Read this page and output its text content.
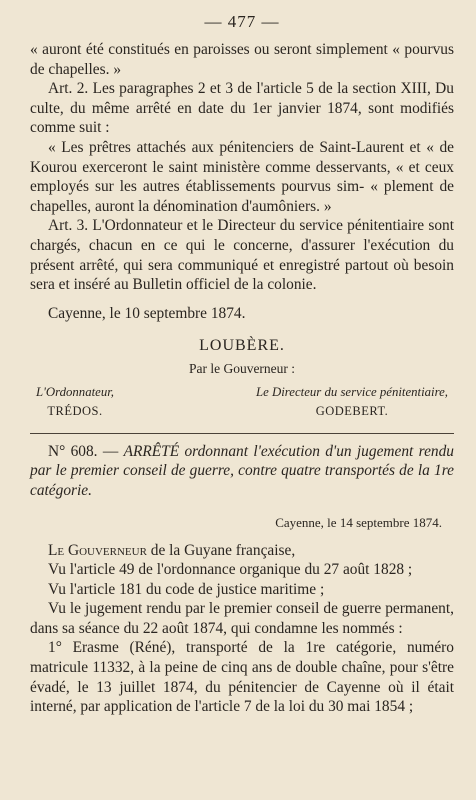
— 477 —

« auront été constitués en paroisses ou seront simplement « pourvus de chapelles. »

Art. 2. Les paragraphes 2 et 3 de l'article 5 de la section XIII, Du culte, du même arrêté en date du 1er janvier 1874, sont modifiés comme suit :

« Les prêtres attachés aux pénitenciers de Saint-Laurent et « de Kourou exerceront le saint ministère comme desservants, « et ceux employés sur les autres établissements pourvus sim- « plement de chapelles, auront la dénomination d'aumôniers. »

Art. 3. L'Ordonnateur et le Directeur du service pénitentiaire sont chargés, chacun en ce qui le concerne, d'assurer l'exécution du présent arrêté, qui sera communiqué et enregistré partout où besoin sera et inséré au Bulletin officiel de la colonie.

Cayenne, le 10 septembre 1874.
LOUBÈRE.
Par le Gouverneur :
L'Ordonnateur,
TRÉDOS.
Le Directeur du service pénitentiaire,
GODEBERT.
N° 608. — ARRÊTÉ ordonnant l'exécution d'un jugement rendu par le premier conseil de guerre, contre quatre transportés de la 1re catégorie.
Cayenne, le 14 septembre 1874.

Le Gouverneur de la Guyane française,

Vu l'article 49 de l'ordonnance organique du 27 août 1828 ;

Vu l'article 181 du code de justice maritime ;

Vu le jugement rendu par le premier conseil de guerre permanent, dans sa séance du 22 août 1874, qui condamne les nommés :

1° Erasme (Réné), transporté de la 1re catégorie, numéro matricule 11332, à la peine de cinq ans de double chaîne, pour s'être évadé, le 13 juillet 1874, du pénitencier de Cayenne où il était interné, par application de l'article 7 de la loi du 30 mai 1854 ;
